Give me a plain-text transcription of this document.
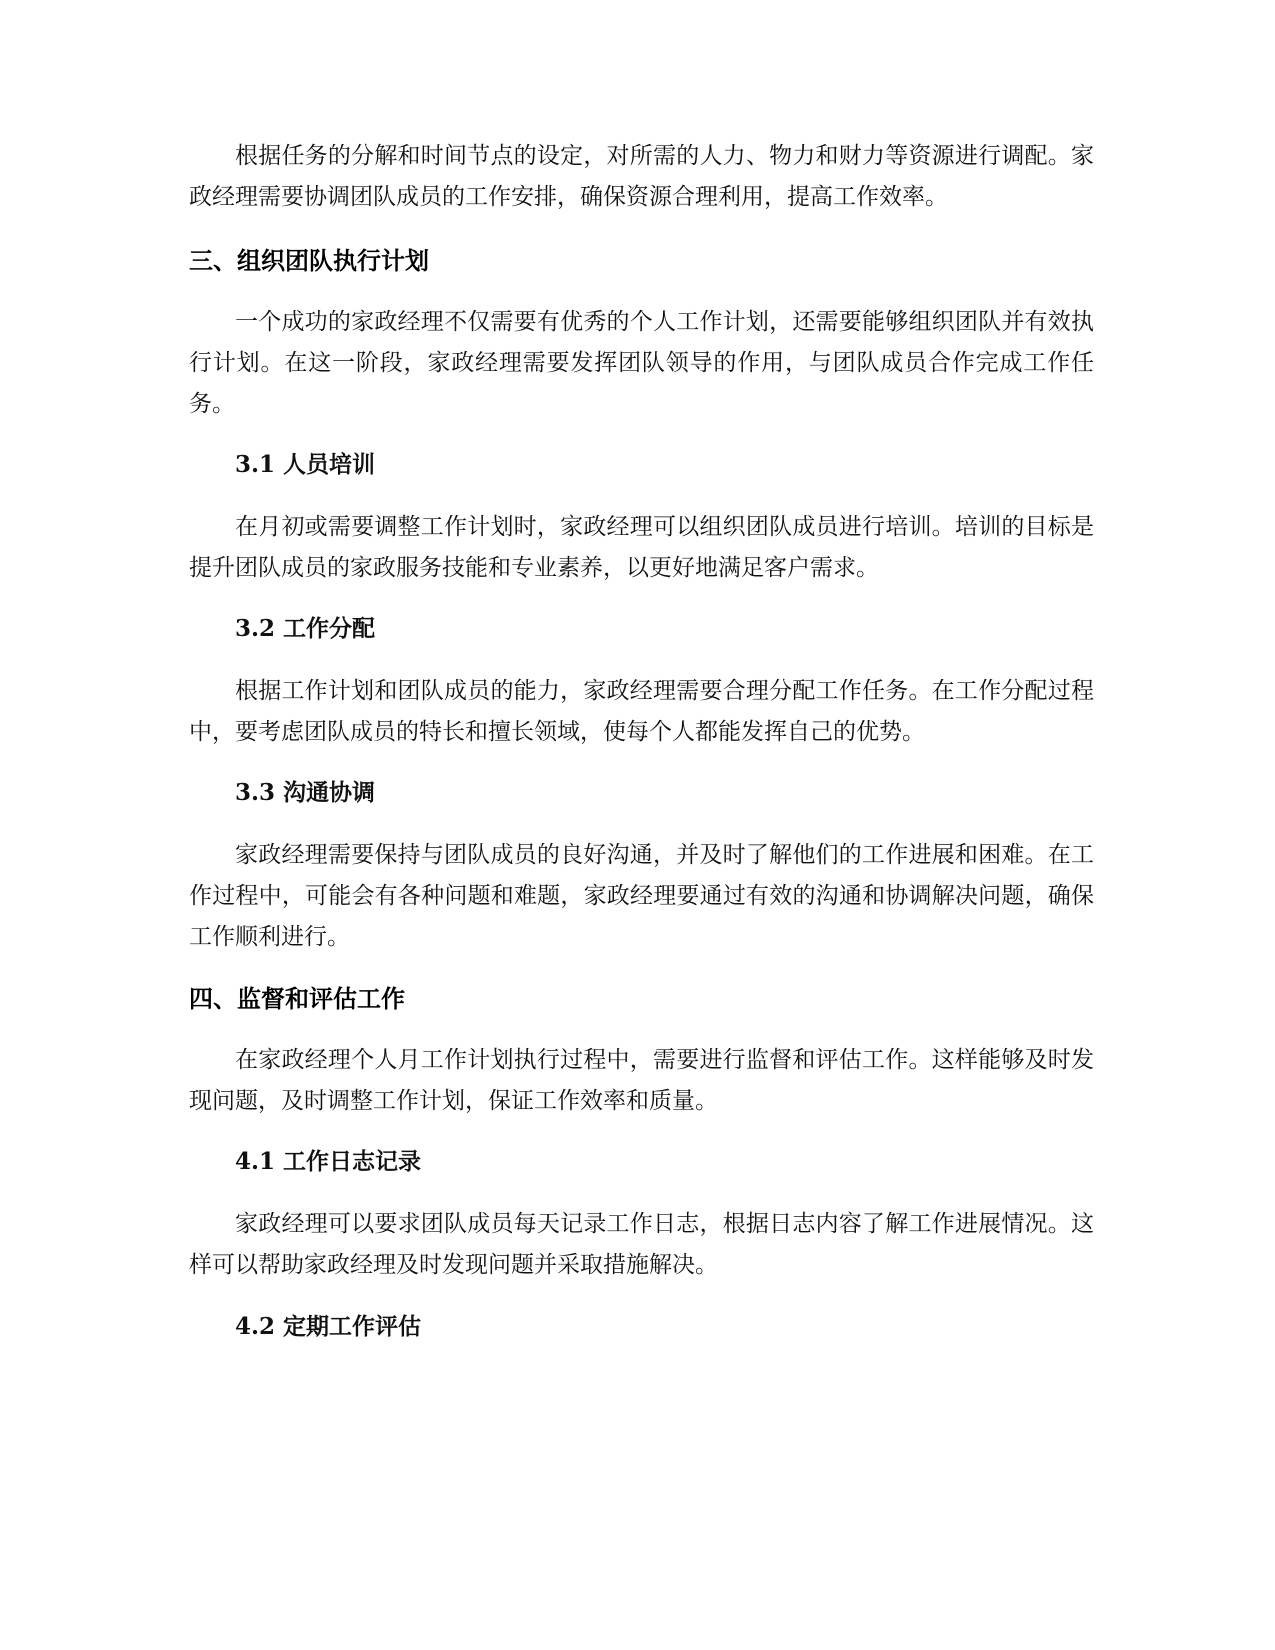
根据任务的分解和时间节点的设定，对所需的人力、物力和财力等资源进行调配。家政经理需要协调团队成员的工作安排，确保资源合理利用，提高工作效率。

三、组织团队执行计划

一个成功的家政经理不仅需要有优秀的个人工作计划，还需要能够组织团队并有效执行计划。在这一阶段，家政经理需要发挥团队领导的作用，与团队成员合作完成工作任务。

3.1 人员培训

在月初或需要调整工作计划时，家政经理可以组织团队成员进行培训。培训的目标是提升团队成员的家政服务技能和专业素养，以更好地满足客户需求。

3.2 工作分配

根据工作计划和团队成员的能力，家政经理需要合理分配工作任务。在工作分配过程中，要考虑团队成员的特长和擅长领域，使每个人都能发挥自己的优势。

3.3 沟通协调

家政经理需要保持与团队成员的良好沟通，并及时了解他们的工作进展和困难。在工作过程中，可能会有各种问题和难题，家政经理要通过有效的沟通和协调解决问题，确保工作顺利进行。

四、监督和评估工作

在家政经理个人月工作计划执行过程中，需要进行监督和评估工作。这样能够及时发现问题，及时调整工作计划，保证工作效率和质量。

4.1 工作日志记录

家政经理可以要求团队成员每天记录工作日志，根据日志内容了解工作进展情况。这样可以帮助家政经理及时发现问题并采取措施解决。

4.2 定期工作评估
